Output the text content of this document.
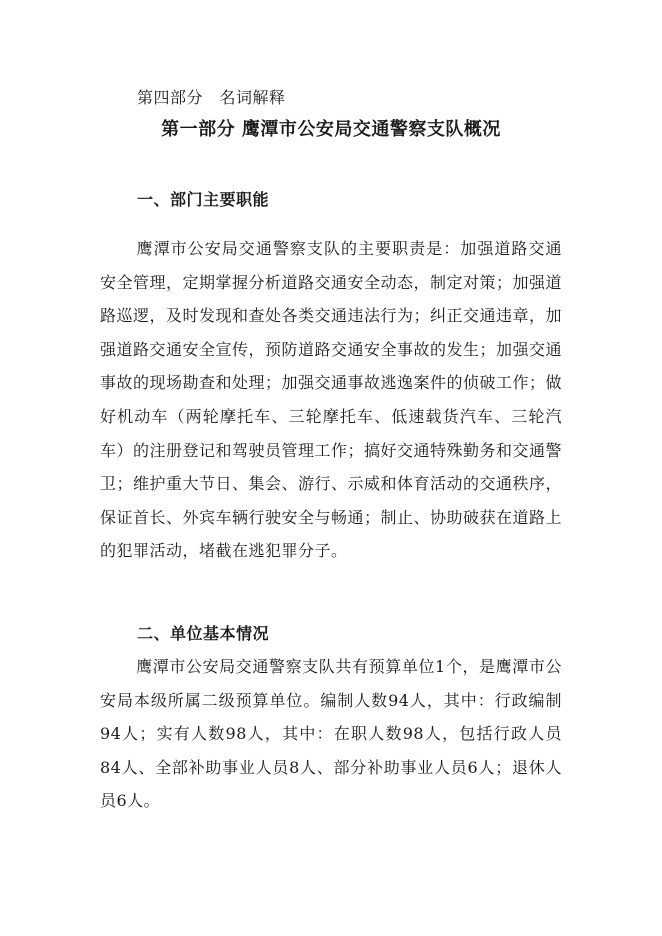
第四部分　名词解释
第一部分 鹰潭市公安局交通警察支队概况
一、部门主要职能

鹰潭市公安局交通警察支队的主要职责是：加强道路交通安全管理，定期掌握分析道路交通安全动态，制定对策；加强道路巡逻，及时发现和查处各类交通违法行为；纠正交通违章，加强道路交通安全宣传，预防道路交通安全事故的发生；加强交通事故的现场勘查和处理；加强交通事故逃逸案件的侦破工作；做好机动车（两轮摩托车、三轮摩托车、低速载货汽车、三轮汽车）的注册登记和驾驶员管理工作；搞好交通特殊勤务和交通警卫；维护重大节日、集会、游行、示威和体育活动的交通秩序，保证首长、外宾车辆行驶安全与畅通；制止、协助破获在道路上的犯罪活动，堵截在逃犯罪分子。

二、单位基本情况

鹰潭市公安局交通警察支队共有预算单位1个，是鹰潭市公安局本级所属二级预算单位。编制人数94人，其中：行政编制94人；实有人数98人，其中：在职人数98人，包括行政人员84人、全部补助事业人员8人、部分补助事业人员6人；退休人员6人。
